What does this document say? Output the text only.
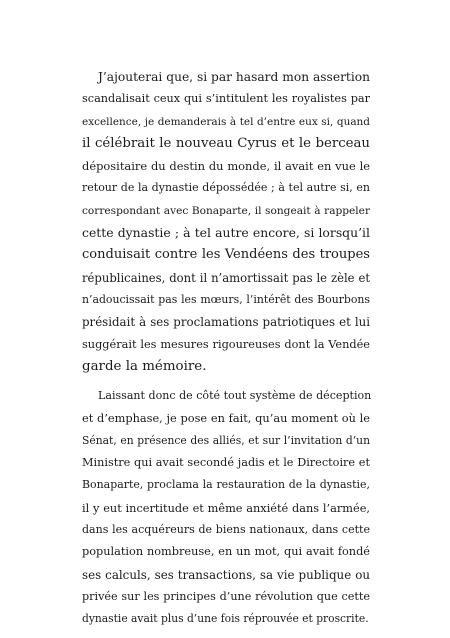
J’ajouterai que, si par hasard mon assertion
scandalisait ceux qui s’intitulent les royalistes par
excellence, je demanderais à tel d’entre eux si, quand
il célébrait le nouveau Cyrus et le berceau
dépositaire du destin du monde, il avait en vue le
retour de la dynastie dépossédée ; à tel autre si, en
correspondant avec Bonaparte, il songeait à rappeler
cette dynastie ; à tel autre encore, si lorsqu’il
conduisait contre les Vendéens des troupes
républicaines, dont il n’amortissait pas le zèle et
n’adoucissait pas les mœurs, l’intérêt des Bourbons
présidait à ses proclamations patriotiques et lui
suggérait les mesures rigoureuses dont la Vendée
garde la mémoire.

Laissant donc de côté tout système de déception
et d’emphase, je pose en fait, qu’au moment où le
Sénat, en présence des alliés, et sur l’invitation d’un
Ministre qui avait secondé jadis et le Directoire et
Bonaparte, proclama la restauration de la dynastie,
il y eut incertitude et même anxiété dans l’armée,
dans les acquéreurs de biens nationaux, dans cette
population nombreuse, en un mot, qui avait fondé
ses calculs, ses transactions, sa vie publique ou
privée sur les principes d’une révolution que cette
dynastie avait plus d’une fois réprouvée et proscrite.
